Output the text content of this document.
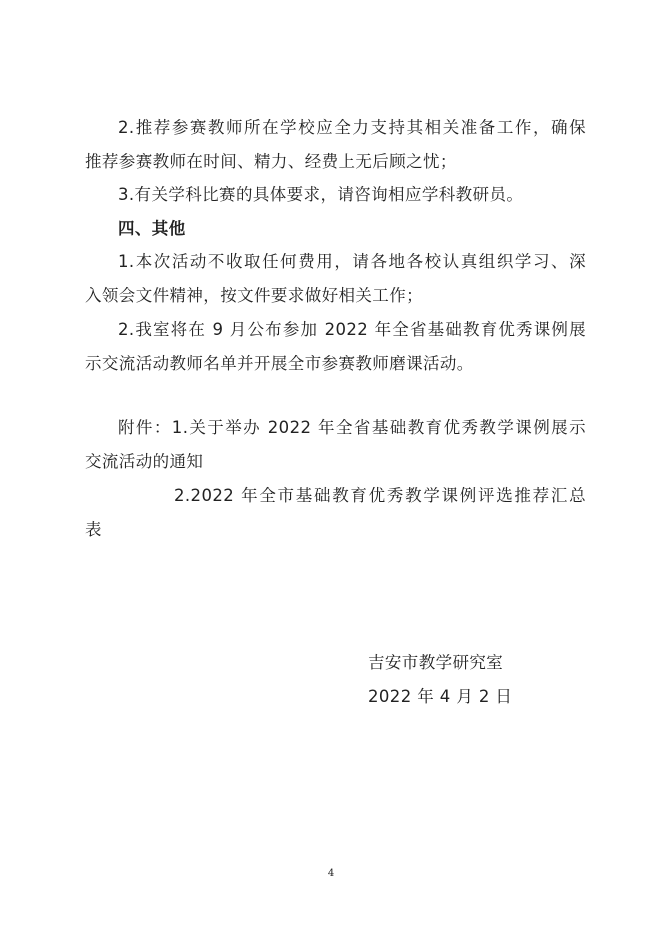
2.推荐参赛教师所在学校应全力支持其相关准备工作，确保
推荐参赛教师在时间、精力、经费上无后顾之忧；
3.有关学科比赛的具体要求，请咨询相应学科教研员。
四、其他
1.本次活动不收取任何费用，请各地各校认真组织学习、深
入领会文件精神，按文件要求做好相关工作；
2.我室将在 9 月公布参加 2022 年全省基础教育优秀课例展
示交流活动教师名单并开展全市参赛教师磨课活动。
附件：1.关于举办 2022 年全省基础教育优秀教学课例展示
交流活动的通知
2.2022 年全市基础教育优秀教学课例评选推荐汇总
表
吉安市教学研究室
2022 年 4 月 2 日
4
